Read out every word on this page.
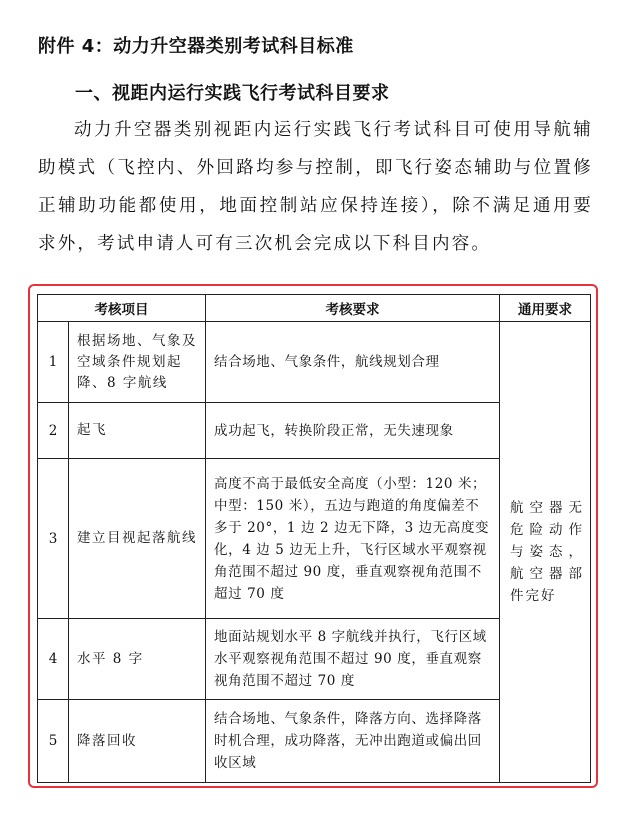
附件 4：动力升空器类别考试科目标准
一、视距内运行实践飞行考试科目要求

动力升空器类别视距内运行实践飞行考试科目可使用导航辅助模式（飞控内、外回路均参与控制，即飞行姿态辅助与位置修正辅助功能都使用，地面控制站应保持连接），除不满足通用要求外，考试申请人可有三次机会完成以下科目内容。

考核项目		考核要求	通用要求
1	根据场地、气象及空域条件规划起降、8 字航线	结合场地、气象条件，航线规划合理	航空器无危险动作与姿态，航空器部件完好
2	起飞	成功起飞，转换阶段正常，无失速现象	
3	建立目视起落航线	高度不高于最低安全高度（小型：120 米；中型：150 米），五边与跑道的角度偏差不多于 20°，1 边 2 边无下降，3 边无高度变化，4 边 5 边无上升，飞行区域水平观察视角范围不超过 90 度，垂直观察视角范围不超过 70 度	
4	水平 8 字	地面站规划水平 8 字航线并执行，飞行区域水平观察视角范围不超过 90 度，垂直观察视角范围不超过 70 度	
5	降落回收	结合场地、气象条件，降落方向、选择降落时机合理，成功降落，无冲出跑道或偏出回收区域	
